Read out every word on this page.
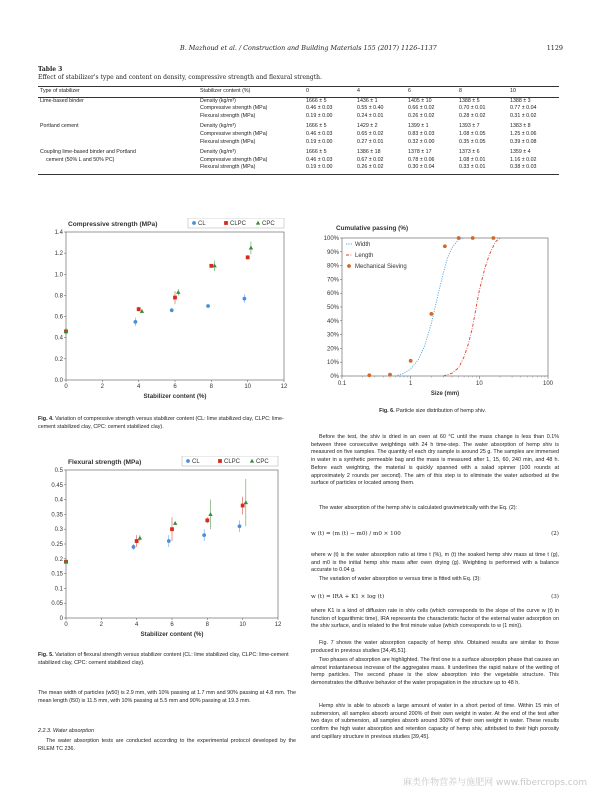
B. Mazhoud et al. / Construction and Building Materials 155 (2017) 1126–1137	1129
Table 3
Effect of stabilizer's type and content on density, compressive strength and flexural strength.
Type of stabilizer	Stabilizer content (%)	0	4	6	8	10
Lime-based binder	Density (kg/m³)	1666 ± 5	1436 ± 1	1405 ± 10	1388 ± 5	1388 ± 3
	Compressive strength (MPa)	0.46 ± 0.03	0.55 ± 0.40	0.66 ± 0.02	0.70 ± 0.01	0.77 ± 0.04
	Flexural strength (MPa)	0.19 ± 0.00	0.24 ± 0.01	0.26 ± 0.02	0.28 ± 0.02	0.31 ± 0.02
Portland cement	Density (kg/m³)	1666 ± 5	1429 ± 2	1399 ± 1	1393 ± 7	1383 ± 8
	Compressive strength (MPa)	0.46 ± 0.03	0.65 ± 0.02	0.83 ± 0.03	1.08 ± 0.05	1.25 ± 0.06
	Flexural strength (MPa)	0.19 ± 0.00	0.27 ± 0.01	0.32 ± 0.00	0.35 ± 0.05	0.39 ± 0.08
Coupling lime-based binder and Portland	Density (kg/m³)	1666 ± 5	1386 ± 18	1378 ± 17	1373 ± 6	1359 ± 4
cement (50% L and 50% PC)	Compressive strength (MPa)	0.46 ± 0.03	0.67 ± 0.02	0.78 ± 0.06	1.08 ± 0.01	1.16 ± 0.02
	Flexural strength (MPa)	0.19 ± 0.00	0.26 ± 0.02	0.30 ± 0.04	0.33 ± 0.01	0.38 ± 0.03
0.0
0.2
0.4
0.6
0.8
1.0
1.2
1.4
0	2	4	6	8	10	12
Stabilizer content (%)
Compressive strength (MPa)	CL	CLPC	CPC
Fig. 4. Variation of compressive strength versus stabilizer content (CL: lime stabilized clay, CLPC: lime-cement stabilized clay, CPC: cement stabilized clay).
0
0.05
0.1
0.15
0.2
0.25
0.3
0.35
0.4
0.45
0.5
0	2	4	6	8	10	12
Stabilizer content (%)
Flexural strength (MPa)	CL	CLPC	CPC
Fig. 5. Variation of flexural strength versus stabilizer content (CL: lime stabilized clay, CLPC: lime-cement stabilized clay, CPC: cement stabilized clay).
The mean width of particles (w50) is 2.9 mm, with 10% passing at 1.7 mm and 90% passing at 4.8 mm. The mean length (l50) is 11.5 mm, with 10% passing at 5.5 mm and 90% passing at 19.3 mm.
2.2.3. Water absorption
The water absorption tests are conducted according to the experimental protocol developed by the RILEM TC 236.
0.1	1	10	100
0%
10%
20%
30%
40%
50%
60%
70%
80%
90%
100%
Size (mm)
Cumulative passing (%)
Width
Length
Mechanical Sieving
Fig. 6. Particle size distribution of hemp shiv.
Before the test, the shiv is dried in an oven at 60 °C until the mass change is less than 0.1% between three consecutive weightings with 24 h time-step. The water absorption of hemp shiv is measured on five samples. The quantity of each dry sample is around 25 g. The samples are immersed in water in a synthetic permeable bag and the mass is measured after 1, 15, 60, 240 min, and 48 h. Before each weighting, the material is quickly spanned with a salad spinner (100 rounds at approximately 2 rounds per second). The aim of this step is to eliminate the water adsorbed at the surface of particles or located among them.
The water absorption of the hemp shiv is calculated gravimetrically with the Eq. (2):
w (t) = (m (t) − m0) / m0 × 100	(2)
where w (t) is the water absorption ratio at time t (%), m (t) the soaked hemp shiv mass at time t (g), and m0 is the initial hemp shiv mass after oven drying (g). Weighting is performed with a balance accurate to 0.04 g.
The variation of water absorption w versus time is fitted with Eq. (3):
w (t) = IRA + K1 × log (t)	(3)
where K1 is a kind of diffusion rate in shiv cells (which corresponds to the slope of the curve w (t) in function of logarithmic time), IRA represents the characteristic factor of the external water adsorption on the shiv surface, and is related to the first minute value (which corresponds to w (1 min)).
Fig. 7 shows the water absorption capacity of hemp shiv. Obtained results are similar to those produced in previous studies [34,45,51].
Two phases of absorption are highlighted. The first one is a surface absorption phase that causes an almost instantaneous increase of the aggregates mass. It underlines the rapid nature of the wetting of hemp particles. The second phase is the slow absorption into the vegetable structure. This demonstrates the diffusive behavior of the water propagation in the structure up to 48 h.
Hemp shiv is able to absorb a large amount of water in a short period of time. Within 15 min of submersion, all samples absorb around 200% of their own weight in water. At the end of the test after two days of submersion, all samples absorb around 300% of their own weight in water. These results confirm the high water absorption and retention capacity of hemp shiv, attributed to their high porosity and capillary structure in previous studies [39,45].
麻类作物营养与施肥网 www.fibercrops.com
